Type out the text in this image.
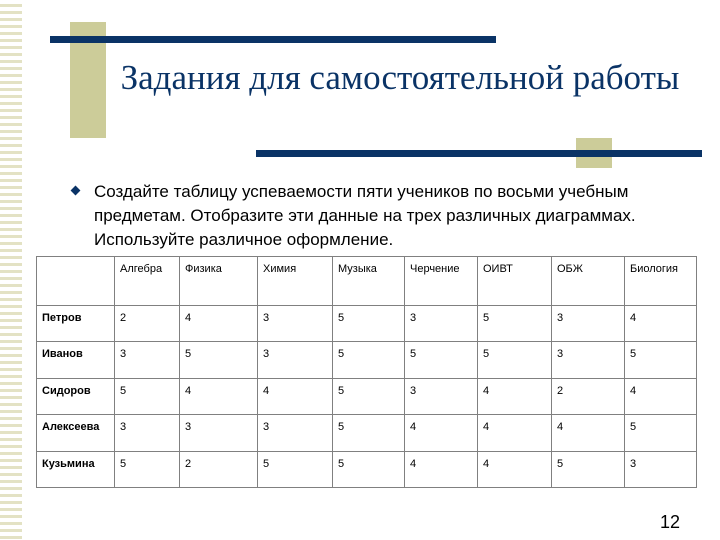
Задания для самостоятельной работы
Создайте таблицу успеваемости пяти учеников по восьми учебным предметам. Отобразите эти данные на трех различных диаграммах. Используйте различное оформление.
	Алгебра	Физика	Химия	Музыка	Черчение	ОИВТ	ОБЖ	Биология
Петров	2	4	3	5	3	5	3	4
Иванов	3	5	3	5	5	5	3	5
Сидоров	5	4	4	5	3	4	2	4
Алексеева	3	3	3	5	4	4	4	5
Кузьмина	5	2	5	5	4	4	5	3
12
